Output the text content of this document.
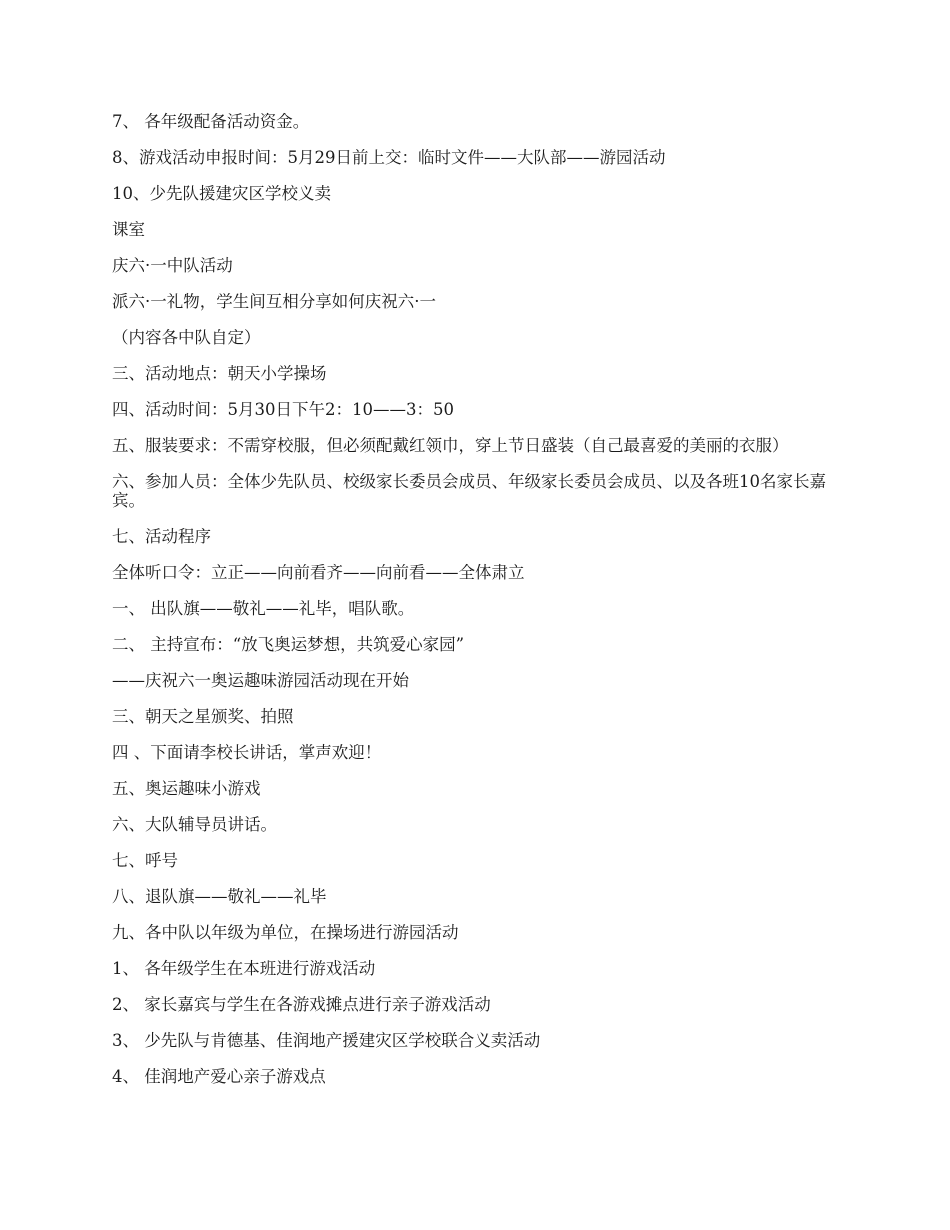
7、 各年级配备活动资金。

8、游戏活动申报时间：5月29日前上交：临时文件——大队部——游园活动

10、少先队援建灾区学校义卖

课室

庆六·一中队活动

派六·一礼物，学生间互相分享如何庆祝六·一

（内容各中队自定）

三、活动地点：朝天小学操场

四、活动时间：5月30日下午2：10——3：50

五、服装要求：不需穿校服，但必须配戴红领巾，穿上节日盛装（自己最喜爱的美丽的衣服）

六、参加人员：全体少先队员、校级家长委员会成员、年级家长委员会成员、以及各班10名家长嘉宾。

七、活动程序

全体听口令：立正——向前看齐——向前看——全体肃立

一、 出队旗——敬礼——礼毕，唱队歌。

二、 主持宣布：“放飞奥运梦想，共筑爱心家园”

——庆祝六一奥运趣味游园活动现在开始

三、朝天之星颁奖、拍照

四 、下面请李校长讲话，掌声欢迎！

五、奥运趣味小游戏

六、大队辅导员讲话。

七、呼号

八、退队旗——敬礼——礼毕

九、各中队以年级为单位，在操场进行游园活动

1、 各年级学生在本班进行游戏活动

2、 家长嘉宾与学生在各游戏摊点进行亲子游戏活动

3、 少先队与肯德基、佳润地产援建灾区学校联合义卖活动

4、 佳润地产爱心亲子游戏点
